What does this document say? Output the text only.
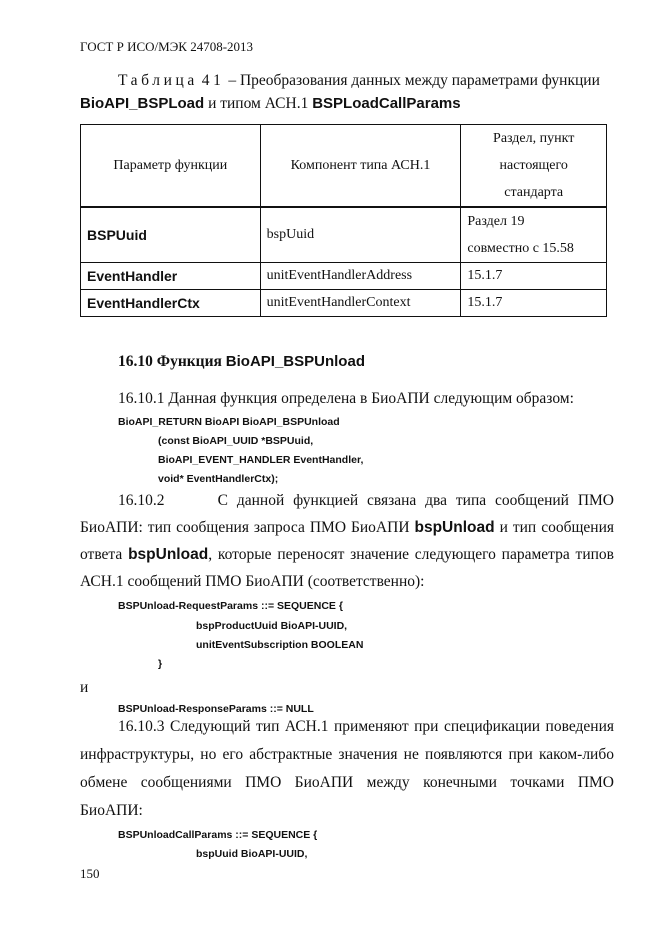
ГОСТ Р ИСО/МЭК 24708-2013
Таблица 41 – Преобразования данных между параметрами функции
BioAPI_BSPLoad и типом АСН.1 BSPLoadCallParams
Параметр функции	Компонент типа АСН.1	Раздел, пункт
настоящего
стандарта

BSPUuid	bspUuid	Раздел 19
совместно с 15.58

EventHandler	unitEventHandlerAddress	15.1.7
EventHandlerCtx	unitEventHandlerContext	15.1.7
16.10 Функция BioAPI_BSPUnload
16.10.1 Данная функция определена в БиоАПИ следующим образом:
BioAPI_RETURN BioAPI BioAPI_BSPUnload
(const BioAPI_UUID *BSPUuid,
BioAPI_EVENT_HANDLER EventHandler,
void* EventHandlerCtx);
16.10.2      С данной функцией связана два типа сообщений ПМО
БиоАПИ: тип сообщения запроса ПМО БиоАПИ bspUnload и тип сообщения
ответа bspUnload, которые переносят значение следующего параметра типов
АСН.1 сообщений ПМО БиоАПИ (соответственно):
BSPUnload-RequestParams ::= SEQUENCE {
bspProductUuid BioAPI-UUID,
unitEventSubscription BOOLEAN
}
и
BSPUnload-ResponseParams ::= NULL
16.10.3 Следующий тип АСН.1 применяют при спецификации поведения
инфраструктуры, но его абстрактные значения не появляются при каком-либо
обмене сообщениями ПМО БиоАПИ между конечными точками ПМО
БиоАПИ:
BSPUnloadCallParams ::= SEQUENCE {
bspUuid BioAPI-UUID,
150
